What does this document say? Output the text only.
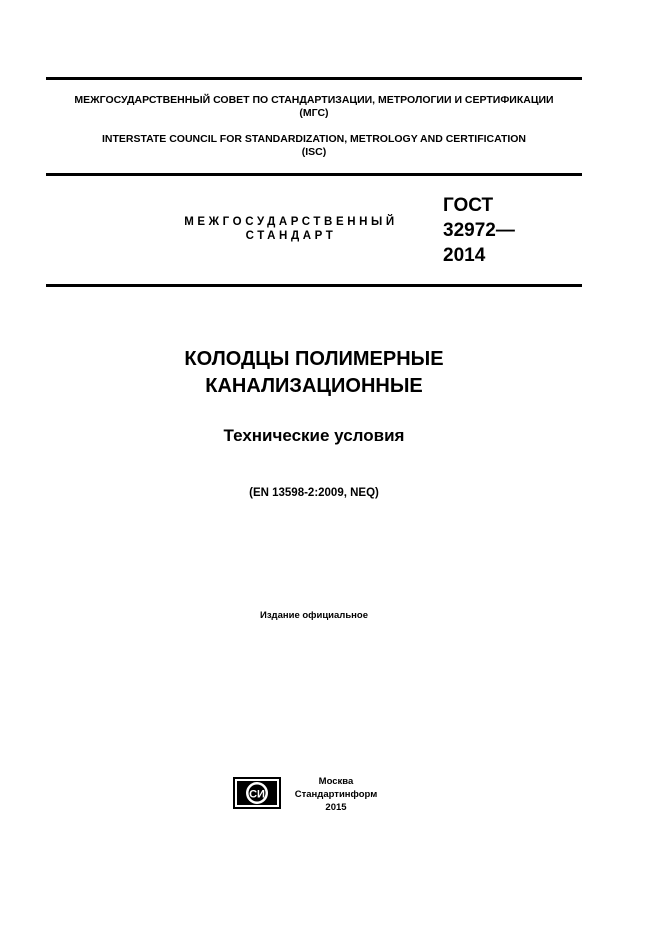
МЕЖГОСУДАРСТВЕННЫЙ СОВЕТ ПО СТАНДАРТИЗАЦИИ, МЕТРОЛОГИИ И СЕРТИФИКАЦИИ
(МГС)
INTERSTATE COUNCIL FOR STANDARDIZATION, METROLOGY AND CERTIFICATION
(ISC)
МЕЖГОСУДАРСТВЕННЫЙ
СТАНДАРТ
ГОСТ
32972—
2014
КОЛОДЦЫ ПОЛИМЕРНЫЕ
КАНАЛИЗАЦИОННЫЕ
Технические условия
(EN 13598-2:2009, NEQ)
Издание официальное
СИ
Москва
Стандартинформ
2015
